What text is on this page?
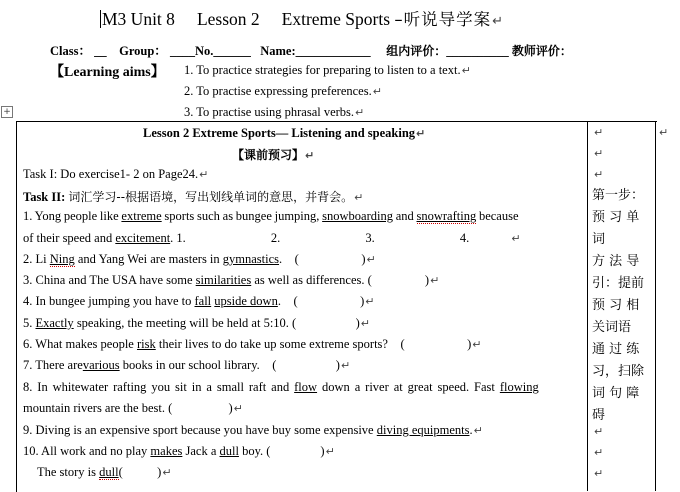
M3 Unit 8 Lesson 2 Extreme Sports –听说导学案↵
Class： __ Group： ____No.______ Name:____________ 组内评价：__________ 教师评价：
【Learning aims】 1. To practice strategies for preparing to listen to a text.↵
2. To practise expressing preferences.↵
3. To practise using phrasal verbs.↵
+
Lesson 2 Extreme Sports— Listening and speaking↵
【课前预习】↵
Task I: Do exercise1- 2 on Page24.↵
Task II: 词汇学习--根据语境，写出划线单词的意思，并背会。↵
1. Yong people like extreme sports such as bungee jumping, snowboarding and snowrafting because
of their speed and excitement. 1.	2.	3.	4.	↵
2. Li Ning and Yang Wei are masters in gymnastics.    (                    )↵
3. China and The USA have some similarities as well as differences. (                 )↵
4. In bungee jumping you have to fall upside down.    (                    )↵
5. Exactly speaking, the meeting will be held at 5:10. (                   )↵
6. What makes people risk their lives to do take up some extreme sports?    (                    )↵
7. There arevarious books in our school library.    (                   )↵
8. In whitewater rafting you sit in a small raft and flow down a river at great speed. Fast flowing
mountain rivers are the best. (                  )↵
9. Diving is an expensive sport because you have buy some expensive diving equipments.↵
10. All work and no play makes Jack a dull boy. (                )↵
The story is dull(           )↵
↵
↵
↵
第一步：
预 习 单
词
方 法 导
引：提前
预 习 相
关词语
通 过 练
习，扫除
词 句 障
碍
↵
↵
↵
↵
